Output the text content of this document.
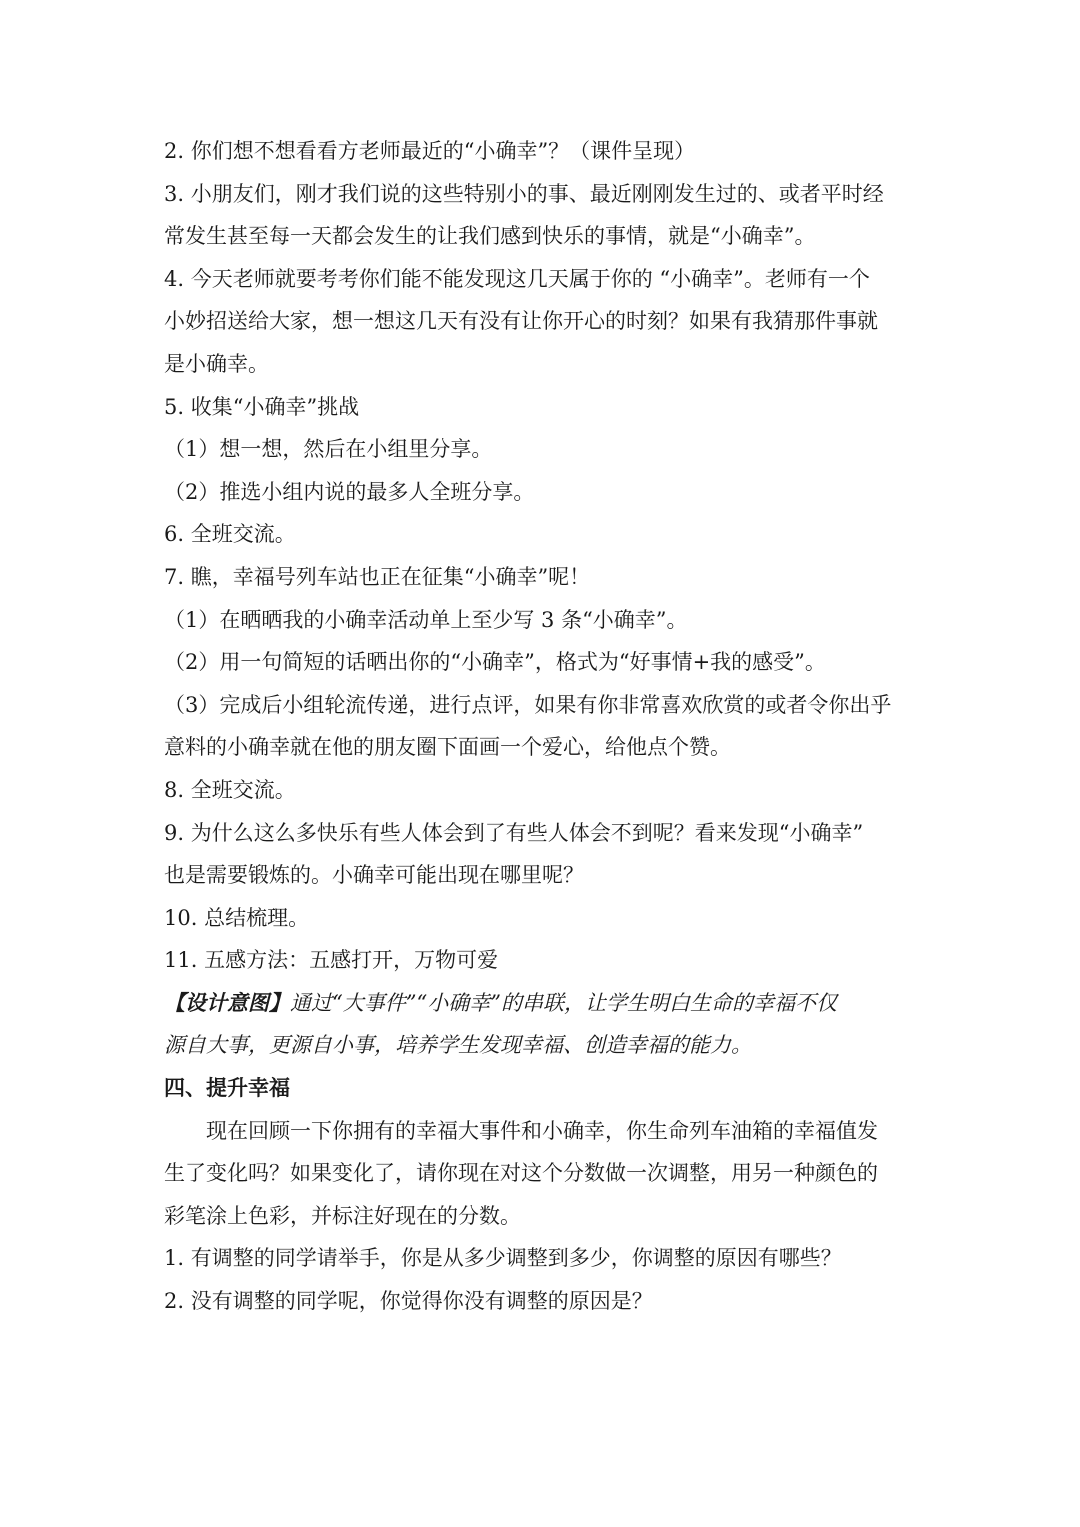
2. 你们想不想看看方老师最近的“小确幸”？（课件呈现）
3. 小朋友们，刚才我们说的这些特别小的事、最近刚刚发生过的、或者平时经
常发生甚至每一天都会发生的让我们感到快乐的事情，就是“小确幸”。
4. 今天老师就要考考你们能不能发现这几天属于你的 “小确幸”。老师有一个
小妙招送给大家，想一想这几天有没有让你开心的时刻？如果有我猜那件事就
是小确幸。
5. 收集“小确幸”挑战
（1）想一想，然后在小组里分享。
（2）推选小组内说的最多人全班分享。
6. 全班交流。
7. 瞧，幸福号列车站也正在征集“小确幸”呢！
（1）在晒晒我的小确幸活动单上至少写 3 条“小确幸”。
（2）用一句简短的话晒出你的“小确幸”，格式为“好事情+我的感受”。
（3）完成后小组轮流传递，进行点评，如果有你非常喜欢欣赏的或者令你出乎
意料的小确幸就在他的朋友圈下面画一个爱心，给他点个赞。
8. 全班交流。
9. 为什么这么多快乐有些人体会到了有些人体会不到呢？看来发现“小确幸”
也是需要锻炼的。小确幸可能出现在哪里呢？
10. 总结梳理。
11. 五感方法：五感打开，万物可爱
【设计意图】通过“大事件”“小确幸”的串联，让学生明白生命的幸福不仅
源自大事，更源自小事，培养学生发现幸福、创造幸福的能力。
四、提升幸福
现在回顾一下你拥有的幸福大事件和小确幸，你生命列车油箱的幸福值发
生了变化吗？如果变化了，请你现在对这个分数做一次调整，用另一种颜色的
彩笔涂上色彩，并标注好现在的分数。
1. 有调整的同学请举手，你是从多少调整到多少，你调整的原因有哪些？
2. 没有调整的同学呢，你觉得你没有调整的原因是？
